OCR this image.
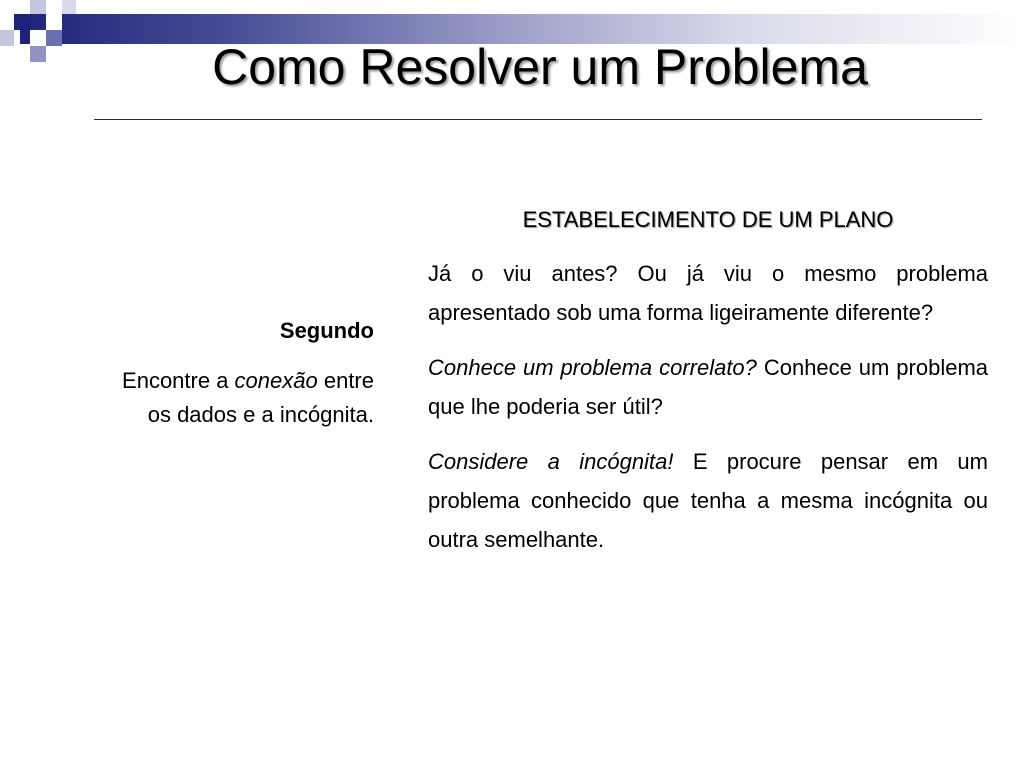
Como Resolver um Problema

Segundo

Encontre a conexão entre os dados e a incógnita.

ESTABELECIMENTO DE UM PLANO

Já o viu antes? Ou já viu o mesmo problema apresentado sob uma forma ligeiramente diferente?

Conhece um problema correlato? Conhece um problema que lhe poderia ser útil?

Considere a incógnita! E procure pensar em um problema conhecido que tenha a mesma incógnita ou outra semelhante.
